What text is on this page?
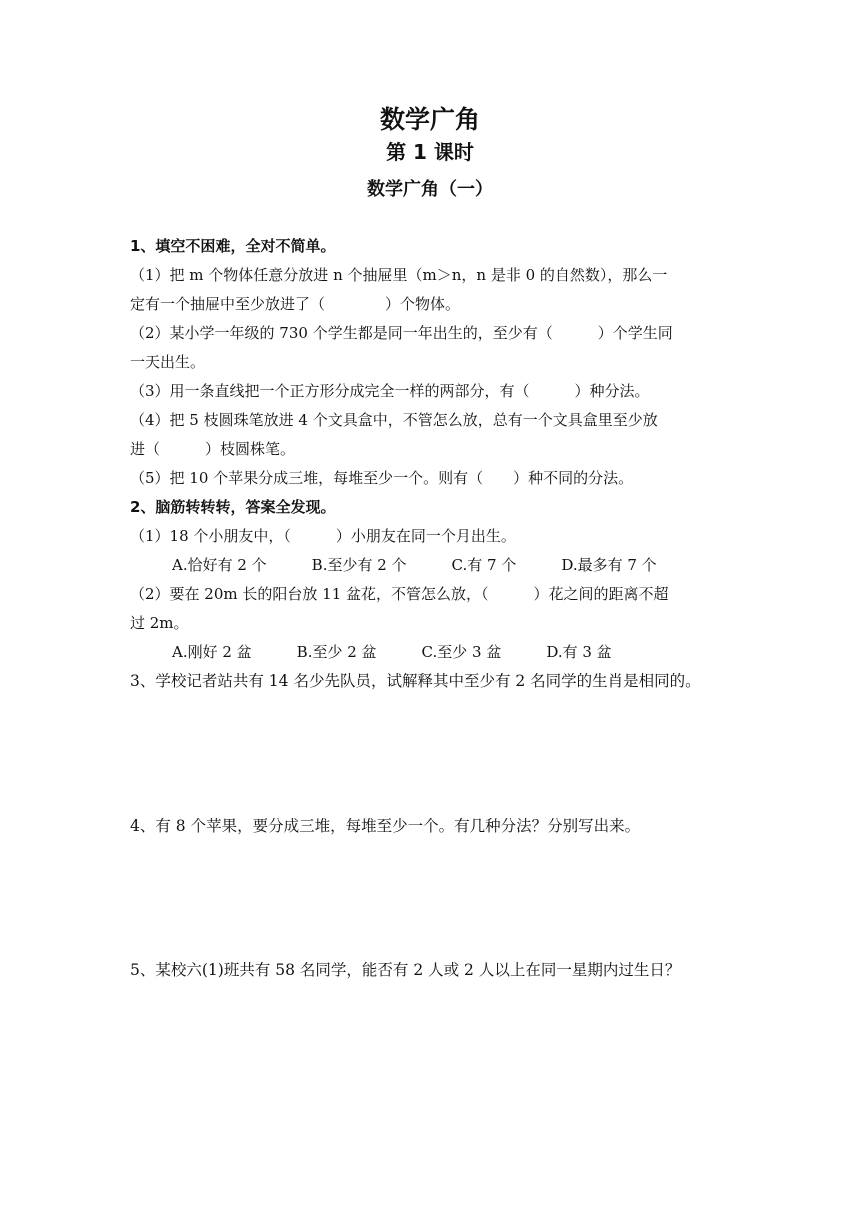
数学广角
第 1 课时
数学广角（一）
1、填空不困难，全对不简单。
（1）把 m 个物体任意分放进 n 个抽屉里（m＞n，n 是非 0 的自然数），那么一
定有一个抽屉中至少放进了（　　　　）个物体。
（2）某小学一年级的 730 个学生都是同一年出生的，至少有（　　　）个学生同
一天出生。
（3）用一条直线把一个正方形分成完全一样的两部分，有（　　　）种分法。
（4）把 5 枝圆珠笔放进 4 个文具盒中，不管怎么放，总有一个文具盒里至少放
进（　　　）枝圆株笔。
（5）把 10 个苹果分成三堆，每堆至少一个。则有（　　）种不同的分法。
2、脑筋转转转，答案全发现。
（1）18 个小朋友中，（　　　）小朋友在同一个月出生。
A.恰好有 2 个　　　B.至少有 2 个　　　C.有 7 个　　　D.最多有 7 个
（2）要在 20m 长的阳台放 11 盆花，不管怎么放，（　　　）花之间的距离不超
过 2m。
A.刚好 2 盆　　　B.至少 2 盆　　　C.至少 3 盆　　　D.有 3 盆
3、学校记者站共有 14 名少先队员，试解释其中至少有 2 名同学的生肖是相同的。
4、有 8 个苹果，要分成三堆，每堆至少一个。有几种分法？分别写出来。
5、某校六(1)班共有 58 名同学，能否有 2 人或 2 人以上在同一星期内过生日？
